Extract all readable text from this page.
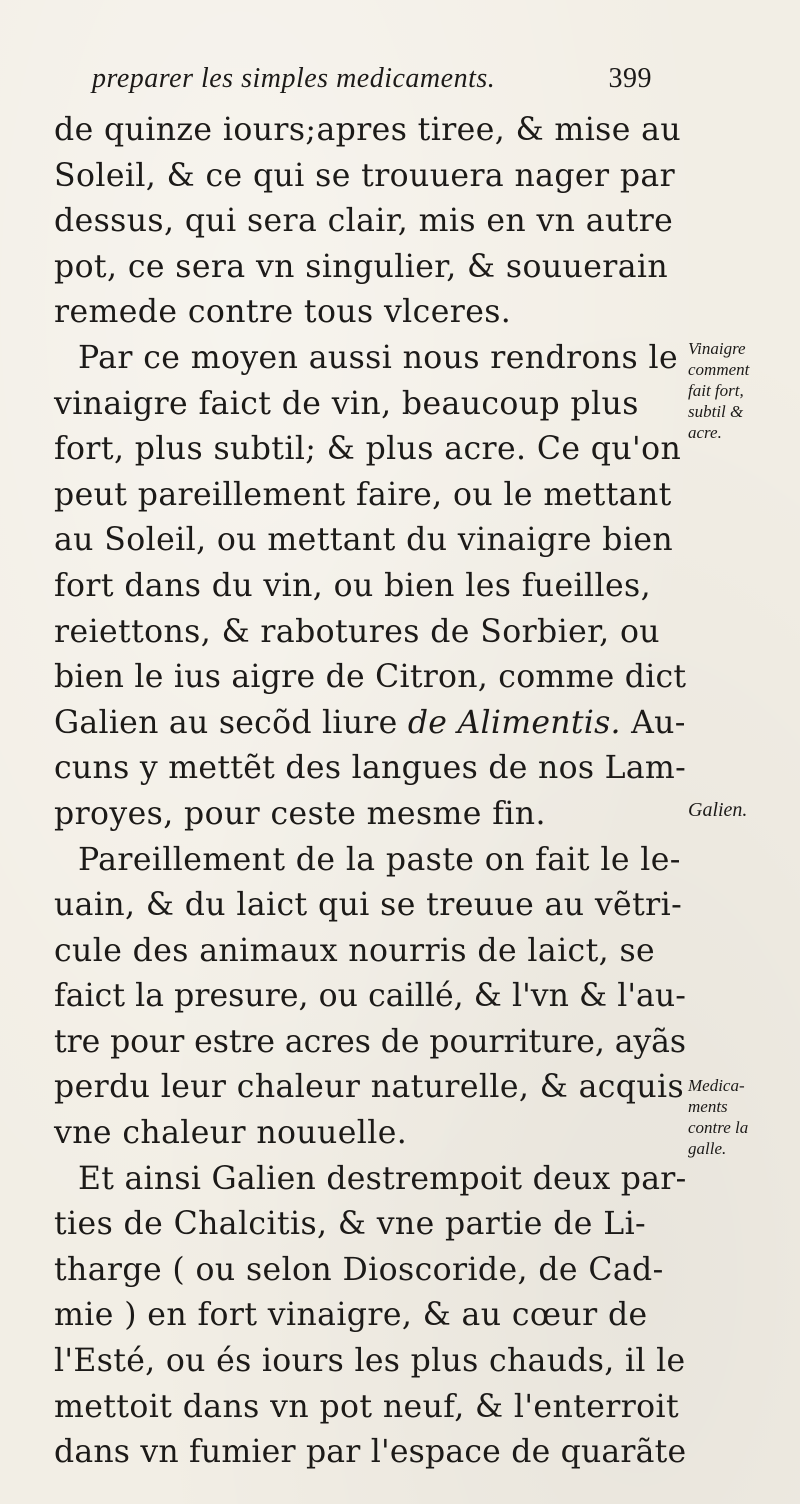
preparer les simples medicaments.	399
de quinze iours;apres tiree, & mise au
Soleil, & ce qui se trouuera nager par
dessus, qui sera clair, mis en vn autre
pot, ce sera vn singulier, & souuerain
remede contre tous vlceres.
Par ce moyen aussi nous rendrons le
vinaigre faict de vin, beaucoup plus
fort, plus subtil; & plus acre. Ce qu'on
peut pareillement faire, ou le mettant
au Soleil, ou mettant du vinaigre bien
fort dans du vin, ou bien les fueilles,
reiettons, & rabotures de Sorbier, ou
bien le ius aigre de Citron, comme dict
Galien au secõd liure de Alimentis. Au-
cuns y mettẽt des langues de nos Lam-
proyes, pour ceste mesme fin.
Pareillement de la paste on fait le le-
uain, & du laict qui se treuue au vẽtri-
cule des animaux nourris de laict, se
faict la presure, ou caillé, & l'vn & l'au-
tre pour estre acres de pourriture, ayãs
perdu leur chaleur naturelle, & acquis
vne chaleur nouuelle.
Et ainsi Galien destrempoit deux par-
ties de Chalcitis, & vne partie de Li-
tharge ( ou selon Dioscoride, de Cad-
mie ) en fort vinaigre, & au cœur de
l'Esté, ou és iours les plus chauds, il le
mettoit dans vn pot neuf, & l'enterroit
dans vn fumier par l'espace de quarãte
Vinaigre
comment
fait fort,
subtil &
acre.
Galien.
Medica-
ments
contre la
galle.
